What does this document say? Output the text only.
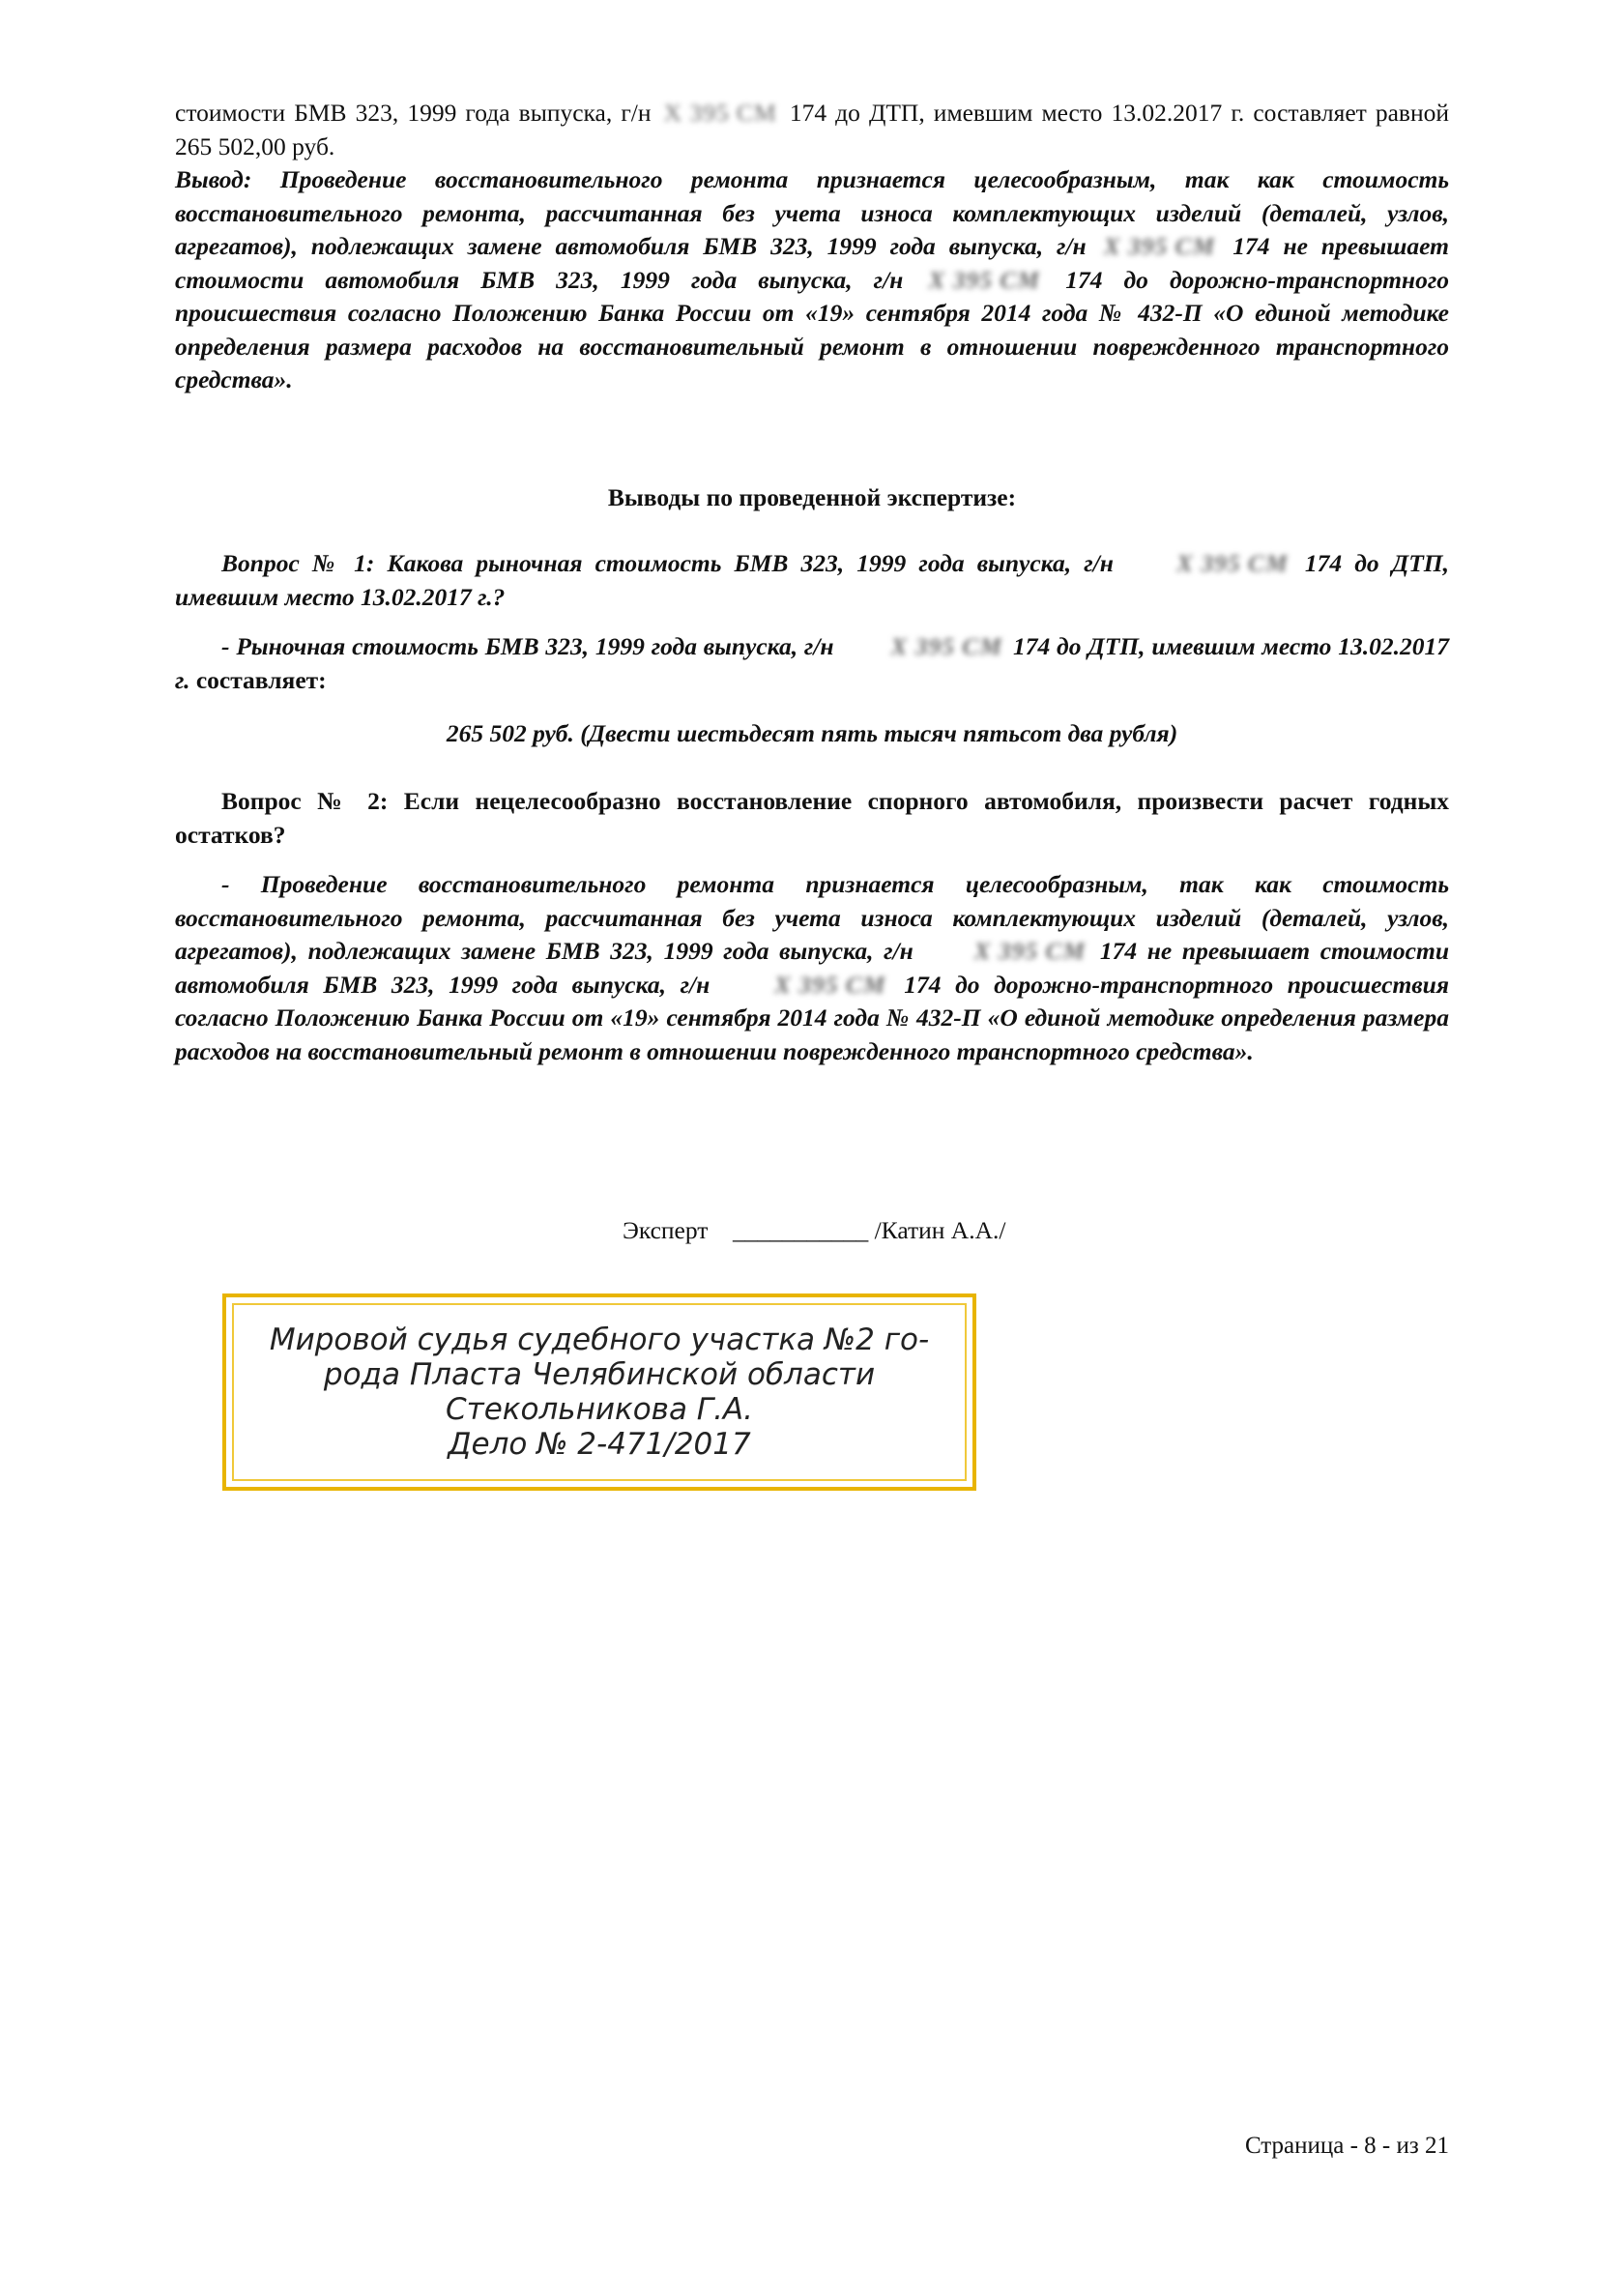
стоимости БМВ 323, 1999 года выпуска, г/н Х 395 СМ 174 до ДТП, имевшим место 13.02.2017 г. составляет равной 265 502,00 руб.

Вывод: Проведение восстановительного ремонта признается целесообразным, так как стоимость восстановительного ремонта, рассчитанная без учета износа комплектующих изделий (деталей, узлов, агрегатов), подлежащих замене автомобиля БМВ 323, 1999 года выпуска, г/н Х 395 СМ 174 не превышает стоимости автомобиля БМВ 323, 1999 года выпуска, г/н Х 395 СМ 174 до дорожно-транспортного происшествия согласно Положению Банка России от «19» сентября 2014 года № 432-П «О единой методике определения размера расходов на восстановительный ремонт в отношении поврежденного транспортного средства».

Выводы по проведенной экспертизе:
Вопрос № 1: Какова рыночная стоимость БМВ 323, 1999 года выпуска, г/н	Х 395 СМ 174 до ДТП, имевшим место 13.02.2017 г.?
- Рыночная стоимость БМВ 323, 1999 года выпуска, г/н Х 395 СМ 174 до ДТП, имевшим место 13.02.2017 г. составляет:
265 502 руб. (Двести шестьдесят пять тысяч пятьсот два рубля)
Вопрос № 2: Если нецелесообразно восстановление спорного автомобиля, произвести расчет годных остатков?
- Проведение восстановительного ремонта признается целесообразным, так как стоимость восстановительного ремонта, рассчитанная без учета износа комплектующих изделий (деталей, узлов, агрегатов), подлежащих замене БМВ 323, 1999 года выпуска, г/н Х 395 СМ 174 не превышает стоимости автомобиля БМВ 323, 1999 года выпуска, г/н	Х 395 СМ 174 до дорожно-транспортного происшествия согласно Положению Банка России от «19» сентября 2014 года № 432-П «О единой методике определения размера расходов на восстановительный ремонт в отношении поврежденного транспортного средства».
Эксперт ___________ /Катин А.А./
Мировой судья судебного участка №2 го-
рода Пласта Челябинской области
Стекольникова Г.А.
Дело № 2-471/2017
Страница - 8 - из 21
